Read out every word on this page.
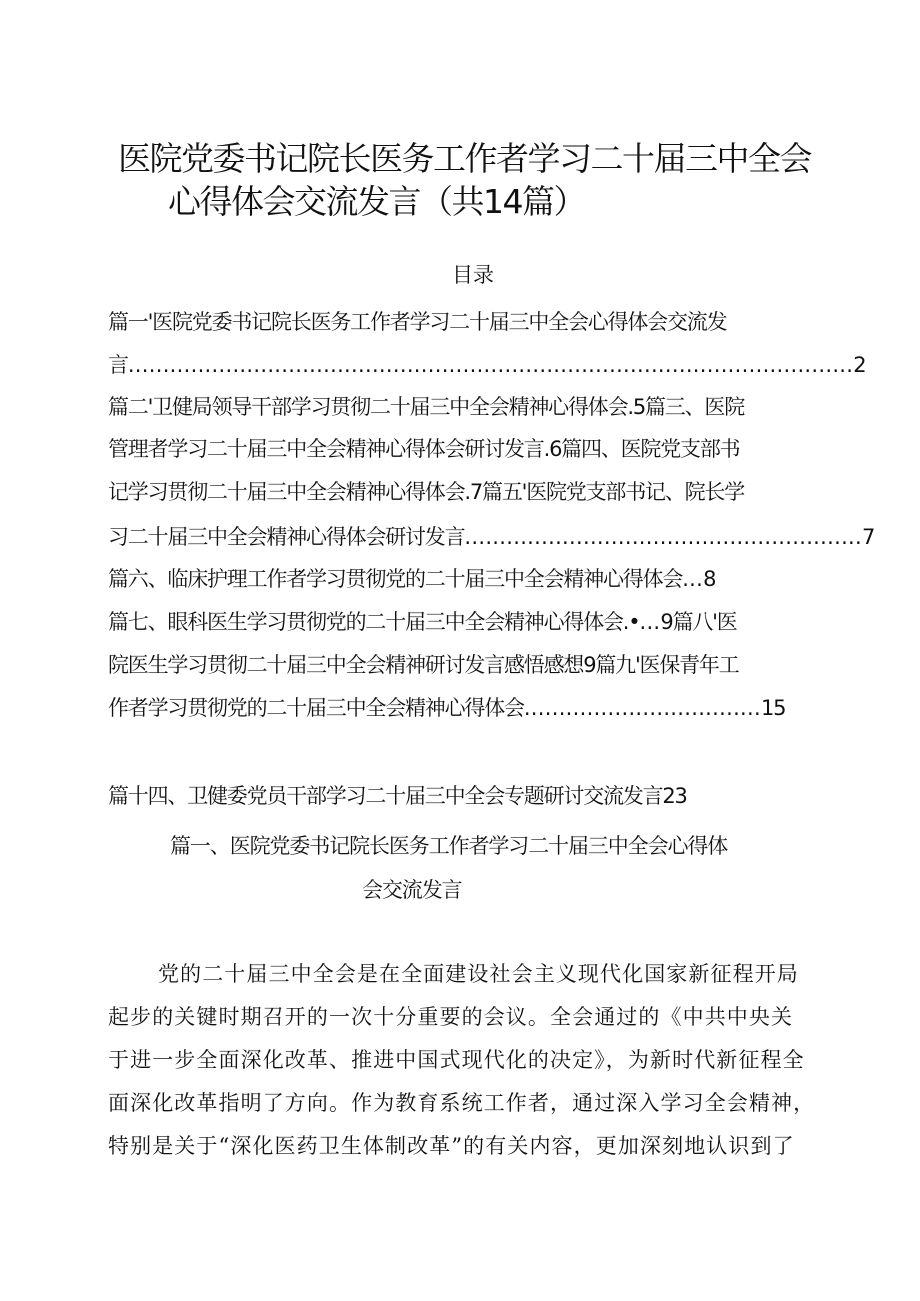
医院党委书记院长医务工作者学习二十届三中全会
心得体会交流发言（共14篇）
目录
篇一'医院党委书记院长医务工作者学习二十届三中全会心得体会交流发
言........................................................................................................2
篇二'卫健局领导干部学习贯彻二十届三中全会精神心得体会.5篇三、医院
管理者学习二十届三中全会精神心得体会研讨发言.6篇四、医院党支部书
记学习贯彻二十届三中全会精神心得体会.7篇五'医院党支部书记、院长学
习二十届三中全会精神心得体会研讨发言.........................................................7
篇六、临床护理工作者学习贯彻党的二十届三中全会精神心得体会...8
篇七、眼科医生学习贯彻党的二十届三中全会精神心得体会.•...9篇八'医
院医生学习贯彻二十届三中全会精神研讨发言感悟感想9篇九'医保青年工
作者学习贯彻党的二十届三中全会精神心得体会..................................15
篇十四、卫健委党员干部学习二十届三中全会专题研讨交流发言23
篇一、医院党委书记院长医务工作者学习二十届三中全会心得体
会交流发言
党的二十届三中全会是在全面建设社会主义现代化国家新征程开局
起步的关键时期召开的一次十分重要的会议。全会通过的《中共中央关
于进一步全面深化改革、推进中国式现代化的决定》，为新时代新征程全
面深化改革指明了方向。作为教育系统工作者，通过深入学习全会精神，
特别是关于“深化医药卫生体制改革”的有关内容，更加深刻地认识到了
